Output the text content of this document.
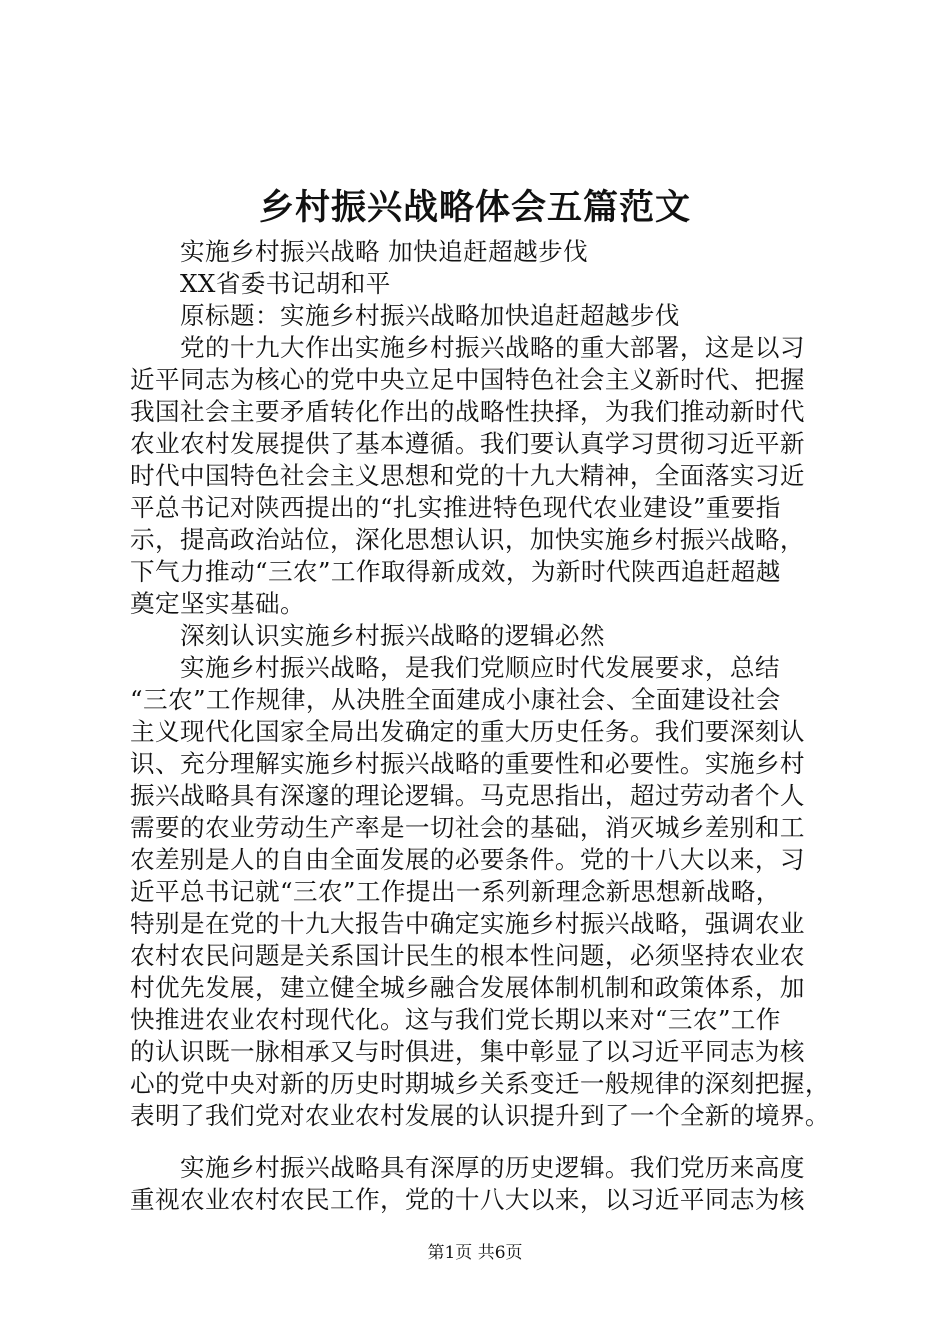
乡村振兴战略体会五篇范文
实施乡村振兴战略 加快追赶超越步伐
XX省委书记胡和平
原标题：实施乡村振兴战略加快追赶超越步伐
党的十九大作出实施乡村振兴战略的重大部署，这是以习
近平同志为核心的党中央立足中国特色社会主义新时代、把握
我国社会主要矛盾转化作出的战略性抉择，为我们推动新时代
农业农村发展提供了基本遵循。我们要认真学习贯彻习近平新
时代中国特色社会主义思想和党的十九大精神，全面落实习近
平总书记对陕西提出的“扎实推进特色现代农业建设”重要指
示，提高政治站位，深化思想认识，加快实施乡村振兴战略，
下气力推动“三农”工作取得新成效，为新时代陕西追赶超越
奠定坚实基础。
深刻认识实施乡村振兴战略的逻辑必然
实施乡村振兴战略，是我们党顺应时代发展要求，总结
“三农”工作规律，从决胜全面建成小康社会、全面建设社会
主义现代化国家全局出发确定的重大历史任务。我们要深刻认
识、充分理解实施乡村振兴战略的重要性和必要性。实施乡村
振兴战略具有深邃的理论逻辑。马克思指出，超过劳动者个人
需要的农业劳动生产率是一切社会的基础，消灭城乡差别和工
农差别是人的自由全面发展的必要条件。党的十八大以来，习
近平总书记就“三农”工作提出一系列新理念新思想新战略，
特别是在党的十九大报告中确定实施乡村振兴战略，强调农业
农村农民问题是关系国计民生的根本性问题，必须坚持农业农
村优先发展，建立健全城乡融合发展体制机制和政策体系，加
快推进农业农村现代化。这与我们党长期以来对“三农”工作
的认识既一脉相承又与时俱进，集中彰显了以习近平同志为核
心的党中央对新的历史时期城乡关系变迁一般规律的深刻把握，
表明了我们党对农业农村发展的认识提升到了一个全新的境界。
实施乡村振兴战略具有深厚的历史逻辑。我们党历来高度
重视农业农村农民工作，党的十八大以来，以习近平同志为核
第1页 共6页
